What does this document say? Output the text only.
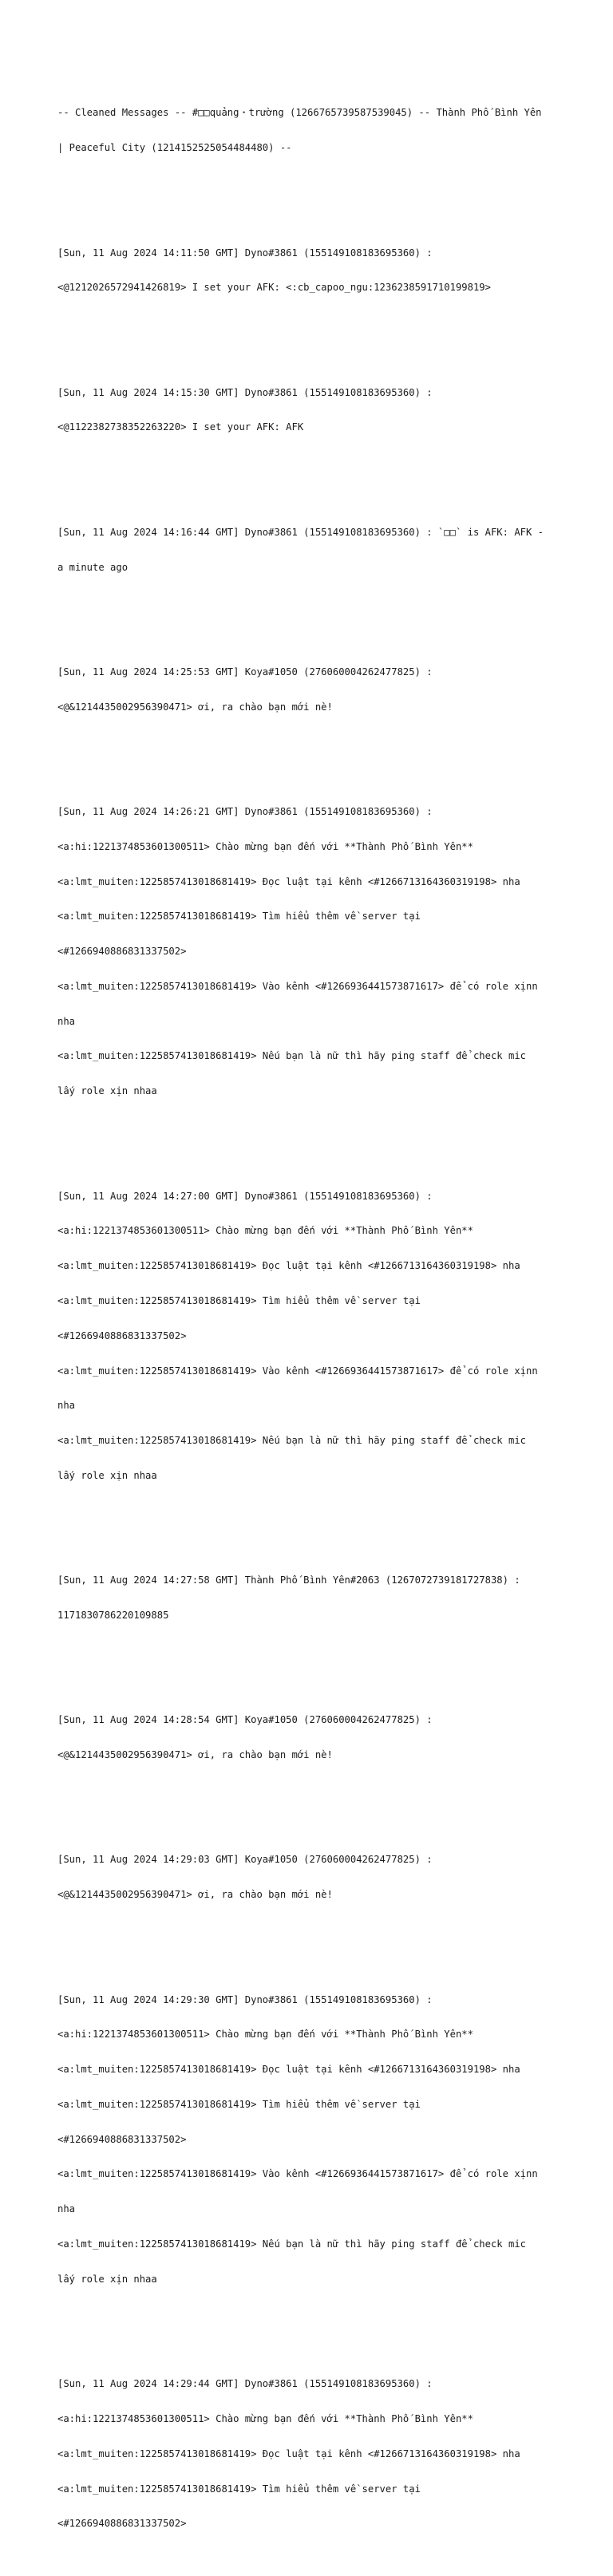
-- Cleaned Messages -- #□□quảng・trường (1266765739587539045) -- Thành Phố Bình Yên

| Peaceful City (1214152525054484480) --

[Sun, 11 Aug 2024 14:11:50 GMT] Dyno#3861 (155149108183695360) :

<@1212026572941426819> I set your AFK: <:cb_capoo_ngu:1236238591710199819>

[Sun, 11 Aug 2024 14:15:30 GMT] Dyno#3861 (155149108183695360) :

<@1122382738352263220> I set your AFK: AFK

[Sun, 11 Aug 2024 14:16:44 GMT] Dyno#3861 (155149108183695360) : `□□` is AFK: AFK -

a minute ago

[Sun, 11 Aug 2024 14:25:53 GMT] Koya#1050 (276060004262477825) :

<@&1214435002956390471> ơi, ra chào bạn mới nè!

[Sun, 11 Aug 2024 14:26:21 GMT] Dyno#3861 (155149108183695360) :

<a:hi:1221374853601300511> Chào mừng bạn đến với **Thành Phố Bình Yên**

<a:lmt_muiten:1225857413018681419> Đọc luật tại kênh <#1266713164360319198> nha

<a:lmt_muiten:1225857413018681419> Tìm hiểu thêm về server tại

<#1266940886831337502>

<a:lmt_muiten:1225857413018681419> Vào kênh <#1266936441573871617> để có role xịnn

nha

<a:lmt_muiten:1225857413018681419> Nếu bạn là nữ thì hãy ping staff để check mic

lấy role xịn nhaa

[Sun, 11 Aug 2024 14:27:00 GMT] Dyno#3861 (155149108183695360) :

<a:hi:1221374853601300511> Chào mừng bạn đến với **Thành Phố Bình Yên**

<a:lmt_muiten:1225857413018681419> Đọc luật tại kênh <#1266713164360319198> nha

<a:lmt_muiten:1225857413018681419> Tìm hiểu thêm về server tại

<#1266940886831337502>

<a:lmt_muiten:1225857413018681419> Vào kênh <#1266936441573871617> để có role xịnn

nha

<a:lmt_muiten:1225857413018681419> Nếu bạn là nữ thì hãy ping staff để check mic

lấy role xịn nhaa

[Sun, 11 Aug 2024 14:27:58 GMT] Thành Phố Bình Yên#2063 (1267072739181727838) :

1171830786220109885

[Sun, 11 Aug 2024 14:28:54 GMT] Koya#1050 (276060004262477825) :

<@&1214435002956390471> ơi, ra chào bạn mới nè!

[Sun, 11 Aug 2024 14:29:03 GMT] Koya#1050 (276060004262477825) :

<@&1214435002956390471> ơi, ra chào bạn mới nè!

[Sun, 11 Aug 2024 14:29:30 GMT] Dyno#3861 (155149108183695360) :

<a:hi:1221374853601300511> Chào mừng bạn đến với **Thành Phố Bình Yên**

<a:lmt_muiten:1225857413018681419> Đọc luật tại kênh <#1266713164360319198> nha

<a:lmt_muiten:1225857413018681419> Tìm hiểu thêm về server tại

<#1266940886831337502>

<a:lmt_muiten:1225857413018681419> Vào kênh <#1266936441573871617> để có role xịnn

nha

<a:lmt_muiten:1225857413018681419> Nếu bạn là nữ thì hãy ping staff để check mic

lấy role xịn nhaa

[Sun, 11 Aug 2024 14:29:44 GMT] Dyno#3861 (155149108183695360) :

<a:hi:1221374853601300511> Chào mừng bạn đến với **Thành Phố Bình Yên**

<a:lmt_muiten:1225857413018681419> Đọc luật tại kênh <#1266713164360319198> nha

<a:lmt_muiten:1225857413018681419> Tìm hiểu thêm về server tại

<#1266940886831337502>
